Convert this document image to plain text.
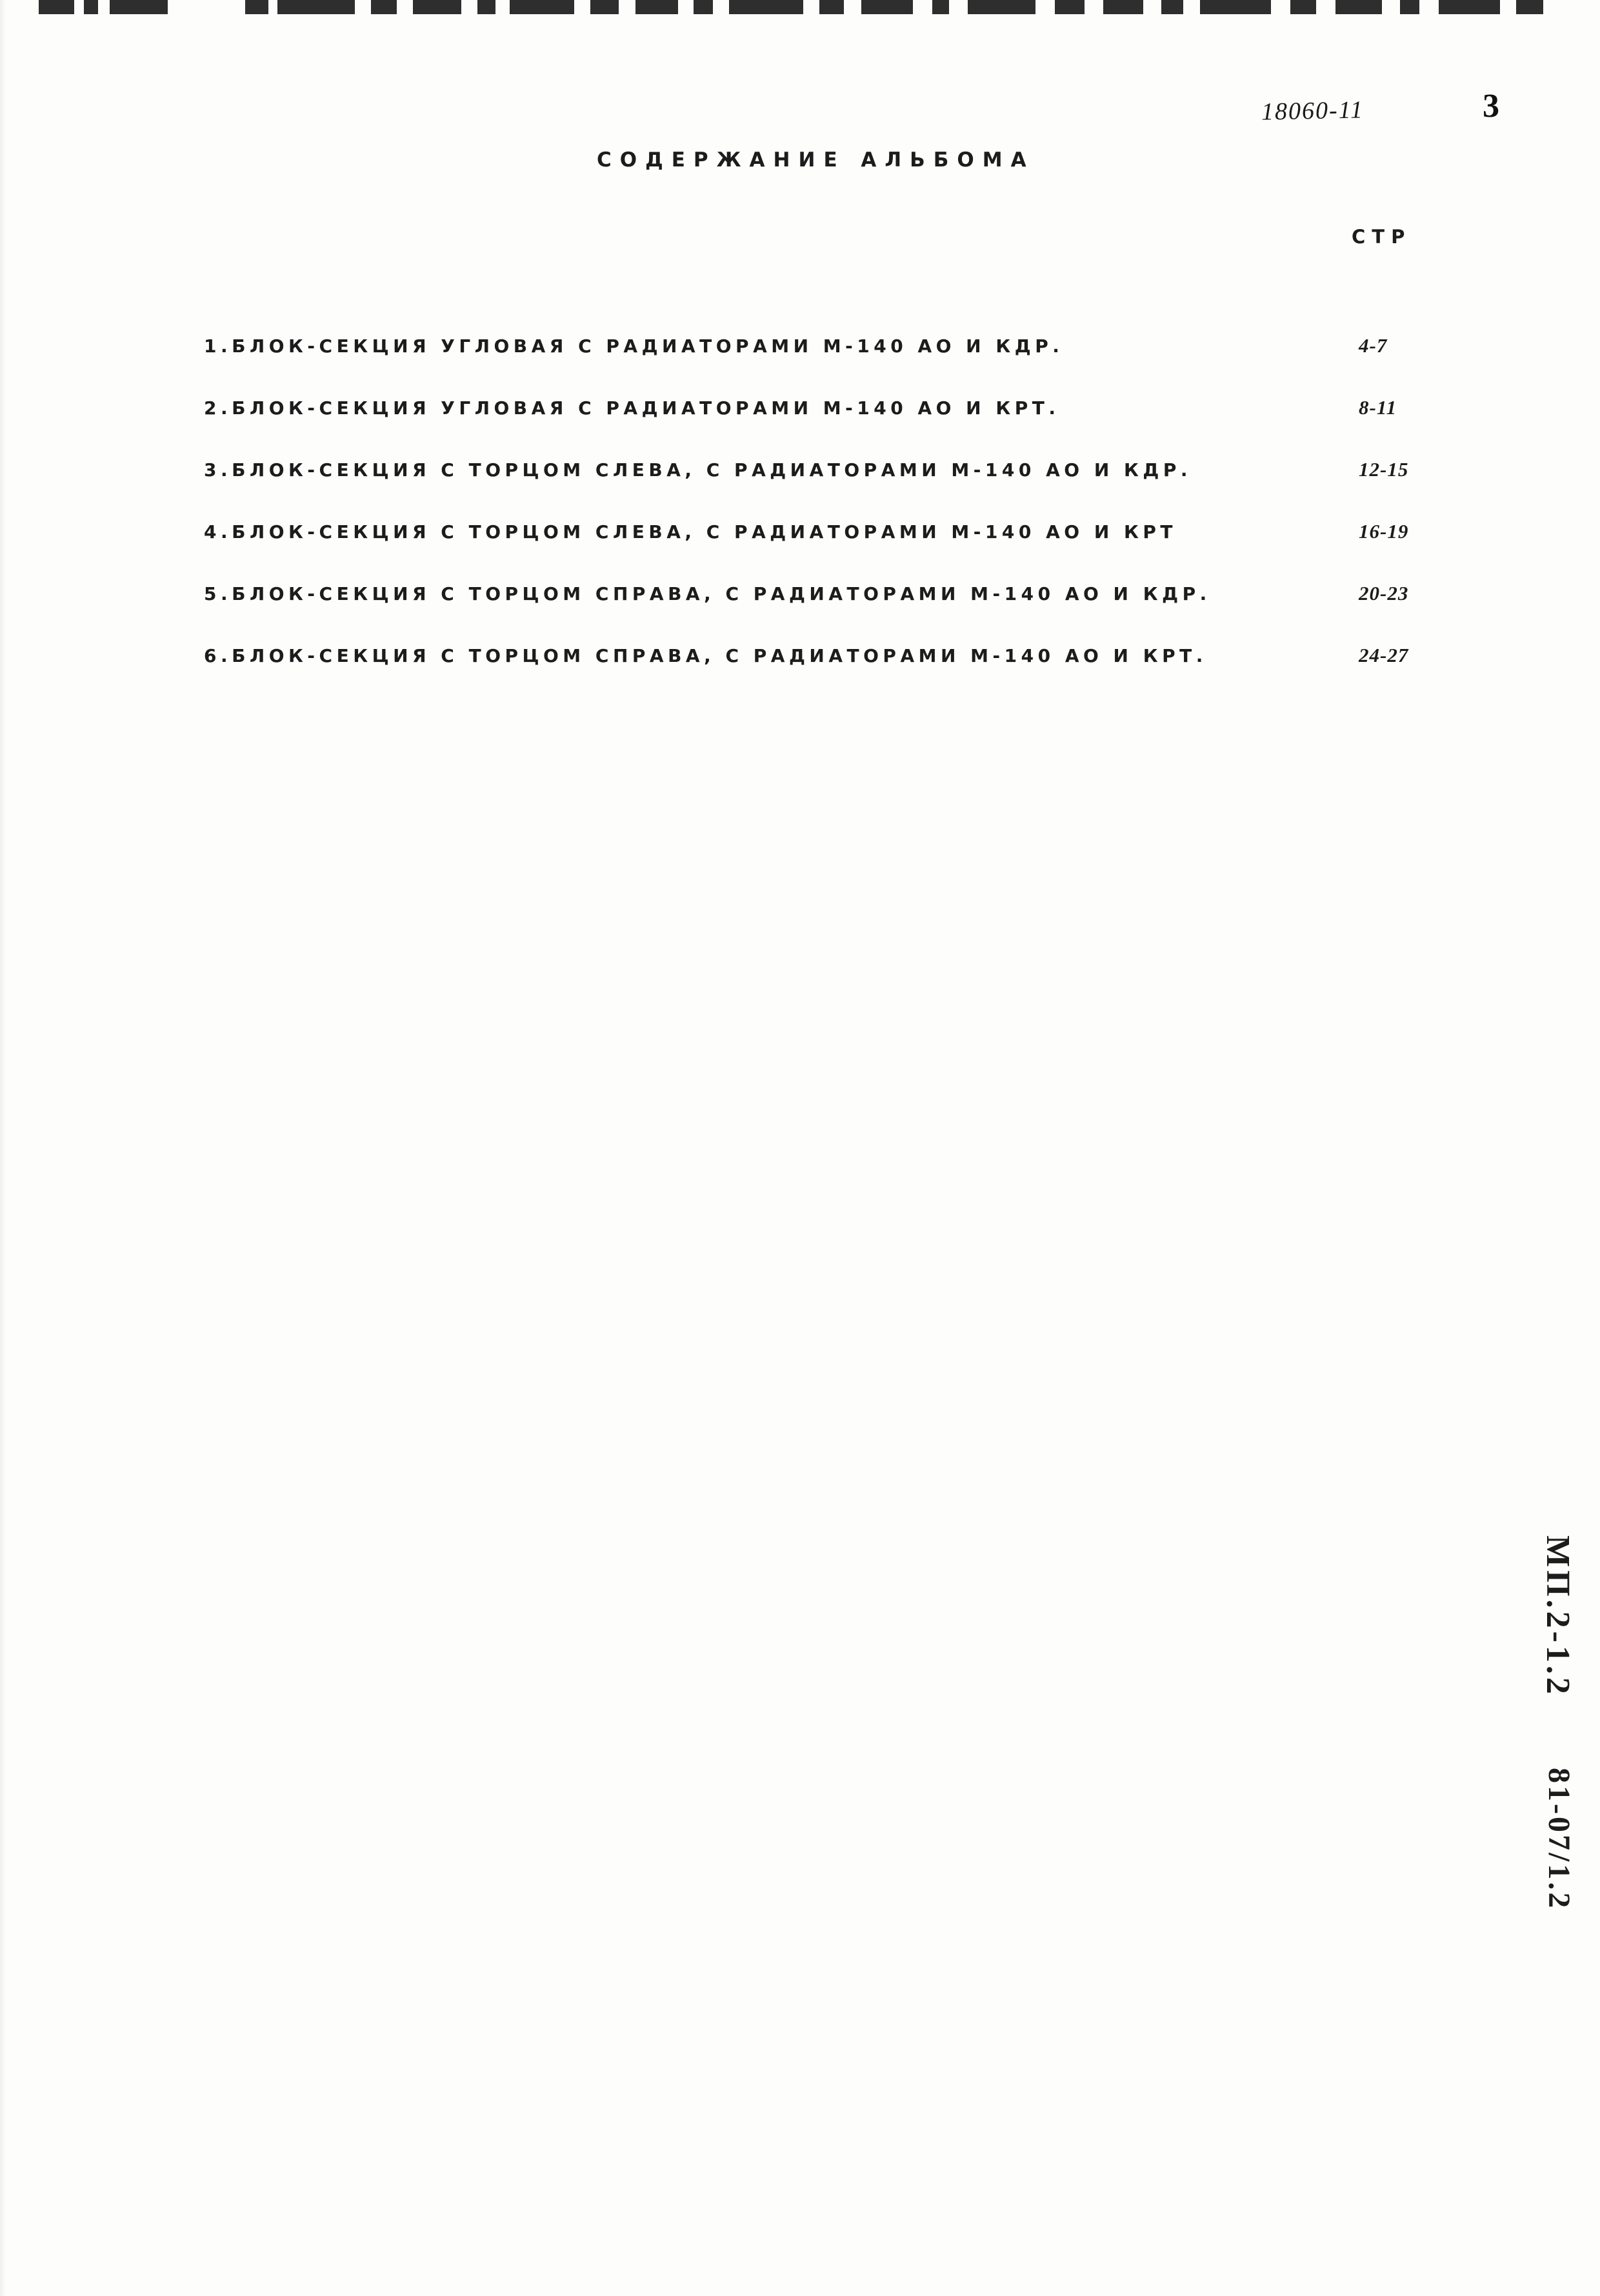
18060-11	3
СОДЕРЖАНИЕ АЛЬБОМА
СТР
1.БЛОК-СЕКЦИЯ УГЛОВАЯ С РАДИАТОРАМИ М-140 АО И КДР.	4-7
2.БЛОК-СЕКЦИЯ УГЛОВАЯ С РАДИАТОРАМИ М-140 АО И КРТ.	8-11
3.БЛОК-СЕКЦИЯ С ТОРЦОМ СЛЕВА, С РАДИАТОРАМИ М-140 АО И КДР.	12-15
4.БЛОК-СЕКЦИЯ С ТОРЦОМ СЛЕВА, С РАДИАТОРАМИ М-140 АО И КРТ	16-19
5.БЛОК-СЕКЦИЯ С ТОРЦОМ СПРАВА, С РАДИАТОРАМИ М-140 АО И КДР.	20-23
6.БЛОК-СЕКЦИЯ С ТОРЦОМ СПРАВА, С РАДИАТОРАМИ М-140 АО И КРТ.	24-27
МП.2-1.2
81-07/1.2
